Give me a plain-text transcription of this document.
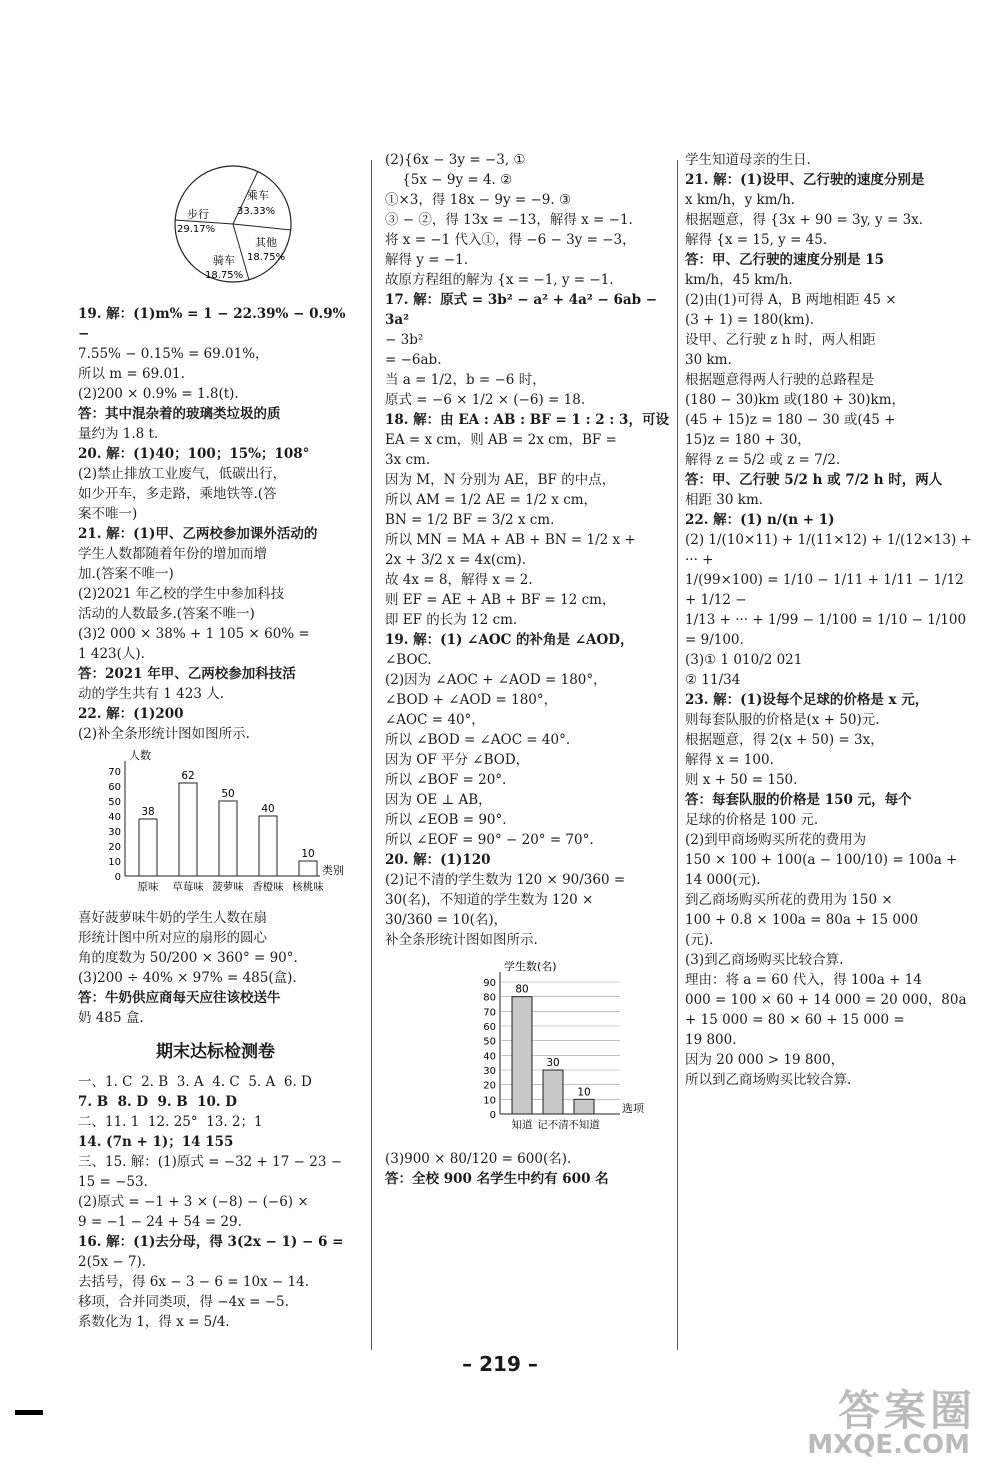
乘车
33.33%
步行
29.17%
其他
18.75%
骑车
18.75%
19. 解：(1)m% = 1 − 22.39% − 0.9% −
7.55% − 0.15% = 69.01%，
所以 m = 69.01.
(2)200 × 0.9% = 1.8(t).
答：其中混杂着的玻璃类垃圾的质
量约为 1.8 t.
20. 解：(1)40；100；15%；108°
(2)禁止排放工业废气，低碳出行，
如少开车，多走路，乘地铁等.(答
案不唯一)
21. 解：(1)甲、乙两校参加课外活动的
学生人数都随着年份的增加而增
加.(答案不唯一)
(2)2021 年乙校的学生中参加科技
活动的人数最多.(答案不唯一)
(3)2 000 × 38% + 1 105 × 60% =
1 423(人).
答：2021 年甲、乙两校参加科技活
动的学生共有 1 423 人.
22. 解：(1)200
(2)补全条形统计图如图所示.
0
10
20
30
40
50
60
70
人数
类别
38
原味
62
草莓味
50
菠萝味
40
香橙味
10
核桃味
喜好菠萝味牛奶的学生人数在扇
形统计图中所对应的扇形的圆心
角的度数为 50/200 × 360° = 90°.
(3)200 ÷ 40% × 97% = 485(盒).
答：牛奶供应商每天应往该校送牛
奶 485 盒.
期末达标检测卷
一、1. C  2. B  3. A  4. C  5. A  6. D
7. B  8. D  9. B  10. D
二、11. 1  12. 25°  13. 2；1
14. (7n + 1)；14 155
三、15. 解：(1)原式 = −32 + 17 − 23 −
15 = −53.
(2)原式 = −1 + 3 × (−8) − (−6) ×
9 = −1 − 24 + 54 = 29.
16. 解：(1)去分母，得 3(2x − 1) − 6 =
2(5x − 7).
去括号，得 6x − 3 − 6 = 10x − 14.
移项，合并同类项，得 −4x = −5.
系数化为 1，得 x = 5/4.
(2){6x − 3y = −3, ①
{5x − 9y = 4. ②
①×3，得 18x − 9y = −9. ③
③ − ②，得 13x = −13，解得 x = −1.
将 x = −1 代入①，得 −6 − 3y = −3，
解得 y = −1.
故原方程组的解为 {x = −1, y = −1.
17. 解：原式 = 3b² − a² + 4a² − 6ab − 3a²
− 3b²
= −6ab.
当 a = 1/2，b = −6 时，
原式 = −6 × 1/2 × (−6) = 18.
18. 解：由 EA : AB : BF = 1 : 2 : 3，可设
EA = x cm，则 AB = 2x cm，BF =
3x cm.
因为 M，N 分别为 AE，BF 的中点，
所以 AM = 1/2 AE = 1/2 x cm，
BN = 1/2 BF = 3/2 x cm.
所以 MN = MA + AB + BN = 1/2 x +
2x + 3/2 x = 4x(cm).
故 4x = 8，解得 x = 2.
则 EF = AE + AB + BF = 12 cm，
即 EF 的长为 12 cm.
19. 解：(1) ∠AOC 的补角是 ∠AOD，
∠BOC.
(2)因为 ∠AOC + ∠AOD = 180°，
∠BOD + ∠AOD = 180°，
∠AOC = 40°，
所以 ∠BOD = ∠AOC = 40°.
因为 OF 平分 ∠BOD，
所以 ∠BOF = 20°.
因为 OE ⊥ AB，
所以 ∠EOB = 90°.
所以 ∠EOF = 90° − 20° = 70°.
20. 解：(1)120
(2)记不清的学生数为 120 × 90/360 =
30(名)，不知道的学生数为 120 ×
30/360 = 10(名)，
补全条形统计图如图所示.
0
10
20
30
40
50
60
70
80
90
学生数(名)
选项
80
知道
30
记不清
10
不知道
(3)900 × 80/120 = 600(名).
答：全校 900 名学生中约有 600 名
学生知道母亲的生日.
21. 解：(1)设甲、乙行驶的速度分别是
x km/h，y km/h.
根据题意，得 {3x + 90 = 3y, y = 3x.
解得 {x = 15, y = 45.
答：甲、乙行驶的速度分别是 15
km/h，45 km/h.
(2)由(1)可得 A，B 两地相距 45 ×
(3 + 1) = 180(km).
设甲、乙行驶 z h 时，两人相距
30 km.
根据题意得两人行驶的总路程是
(180 − 30)km 或(180 + 30)km，
(45 + 15)z = 180 − 30 或(45 +
15)z = 180 + 30，
解得 z = 5/2 或 z = 7/2.
答：甲、乙行驶 5/2 h 或 7/2 h 时，两人
相距 30 km.
22. 解：(1) n/(n + 1)
(2) 1/(10×11) + 1/(11×12) + 1/(12×13) + ··· +
1/(99×100) = 1/10 − 1/11 + 1/11 − 1/12 + 1/12 −
1/13 + ··· + 1/99 − 1/100 = 1/10 − 1/100
= 9/100.
(3)① 1 010/2 021
② 11/34
23. 解：(1)设每个足球的价格是 x 元，
则每套队服的价格是(x + 50)元.
根据题意，得 2(x + 50) = 3x，
解得 x = 100.
则 x + 50 = 150.
答：每套队服的价格是 150 元，每个
足球的价格是 100 元.
(2)到甲商场购买所花的费用为
150 × 100 + 100(a − 100/10) = 100a +
14 000(元).
到乙商场购买所花的费用为 150 ×
100 + 0.8 × 100a = 80a + 15 000
(元).
(3)到乙商场购买比较合算.
理由：将 a = 60 代入，得 100a + 14
000 = 100 × 60 + 14 000 = 20 000，80a
+ 15 000 = 80 × 60 + 15 000 =
19 800.
因为 20 000 > 19 800，
所以到乙商场购买比较合算.
– 219 –
答案圈
MXQE.COM
